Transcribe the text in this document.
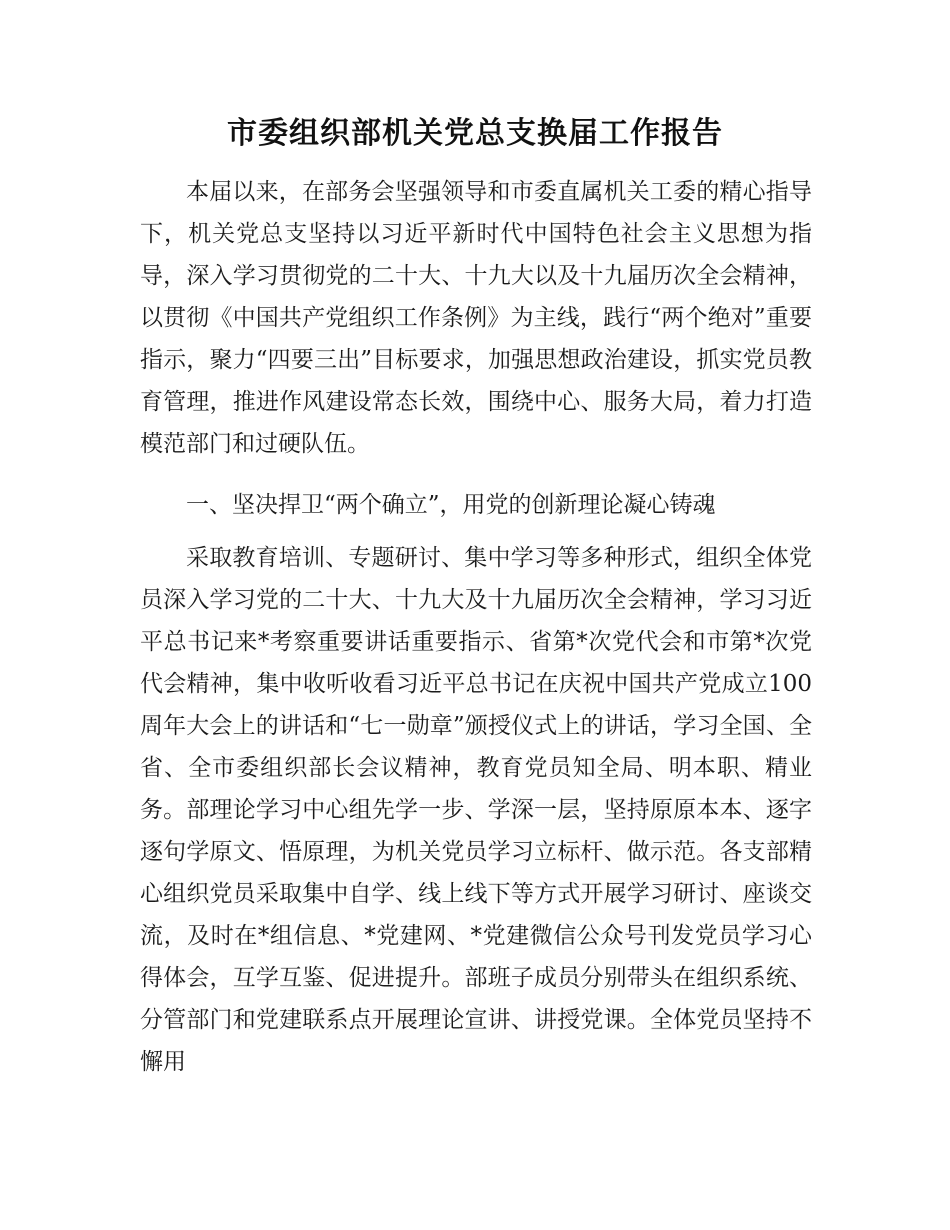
市委组织部机关党总支换届工作报告

本届以来，在部务会坚强领导和市委直属机关工委的精心指导下，机关党总支坚持以习近平新时代中国特色社会主义思想为指导，深入学习贯彻党的二十大、十九大以及十九届历次全会精神，以贯彻《中国共产党组织工作条例》为主线，践行“两个绝对”重要指示，聚力“四要三出”目标要求，加强思想政治建设，抓实党员教育管理，推进作风建设常态长效，围绕中心、服务大局，着力打造模范部门和过硬队伍。

一、坚决捍卫“两个确立”，用党的创新理论凝心铸魂

采取教育培训、专题研讨、集中学习等多种形式，组织全体党员深入学习党的二十大、十九大及十九届历次全会精神，学习习近平总书记来*考察重要讲话重要指示、省第*次党代会和市第*次党代会精神，集中收听收看习近平总书记在庆祝中国共产党成立100周年大会上的讲话和“七一勋章”颁授仪式上的讲话，学习全国、全省、全市委组织部长会议精神，教育党员知全局、明本职、精业务。部理论学习中心组先学一步、学深一层，坚持原原本本、逐字逐句学原文、悟原理，为机关党员学习立标杆、做示范。各支部精心组织党员采取集中自学、线上线下等方式开展学习研讨、座谈交流，及时在*组信息、*党建网、*党建微信公众号刊发党员学习心得体会，互学互鉴、促进提升。部班子成员分别带头在组织系统、分管部门和党建联系点开展理论宣讲、讲授党课。全体党员坚持不懈用
